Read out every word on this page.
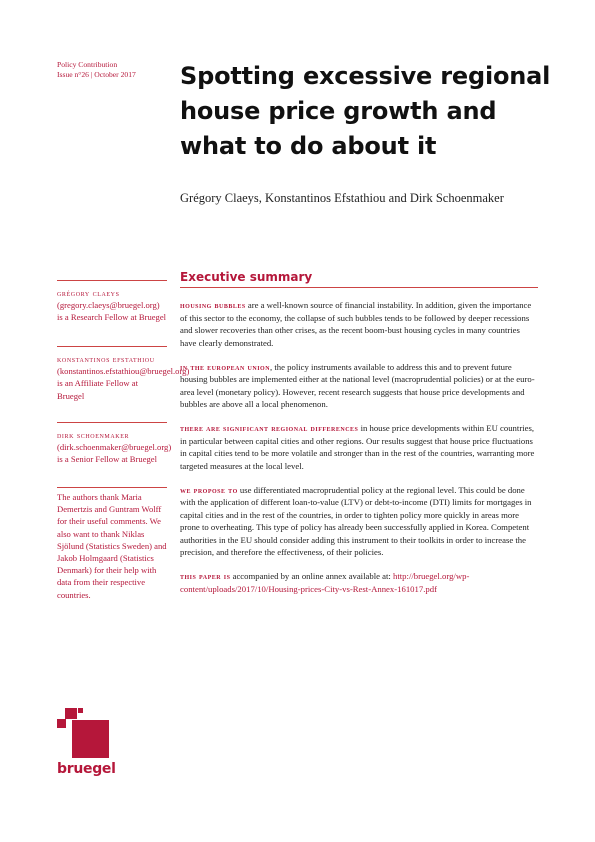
Policy Contribution
Issue n°26 | October 2017 Spotting excessive regional house price growth and what to do about it
Grégory Claeys, Konstantinos Efstathiou and Dirk Schoenmaker
grégory claeys (gregory.claeys@bruegel.org) is a Research Fellow at Bruegel
konstantinos efstathiou (konstantinos.efstathiou@bruegel.org) is an Affiliate Fellow at Bruegel
dirk schoenmaker (dirk.schoenmaker@bruegel.org) is a Senior Fellow at Bruegel
The authors thank Maria Demertzis and Guntram Wolff for their useful comments. We also want to thank Niklas Sjölund (Statistics Sweden) and Jakob Holmgaard (Statistics Denmark) for their help with data from their respective countries.
Executive summary

housing bubbles are a well-known source of financial instability. In addition, given the importance of this sector to the economy, the collapse of such bubbles tends to be followed by deeper recessions and slower recoveries than other crises, as the recent boom-bust housing cycles in many countries have clearly demonstrated.

in the european union, the policy instruments available to address this and to prevent future housing bubbles are implemented either at the national level (macroprudential policies) or at the euro-area level (monetary policy). However, recent research suggests that house price developments and bubbles are above all a local phenomenon.

there are significant regional differences in house price developments within EU countries, in particular between capital cities and other regions. Our results suggest that house price fluctuations in capital cities tend to be more volatile and stronger than in the rest of the countries, warranting more targeted measures at the local level.

we propose to use differentiated macroprudential policy at the regional level. This could be done with the application of different loan-to-value (LTV) or debt-to-income (DTI) limits for mortgages in capital cities and in the rest of the countries, in order to tighten policy more quickly in areas more prone to overheating. This type of policy has already been successfully applied in Korea. Competent authorities in the EU should consider adding this instrument to their toolkits in order to increase the precision, and therefore the effectiveness, of their policies.

this paper is accompanied by an online annex available at: http://bruegel.org/wp-content/uploads/2017/10/Housing-prices-City-vs-Rest-Annex-161017.pdf

bruegel
